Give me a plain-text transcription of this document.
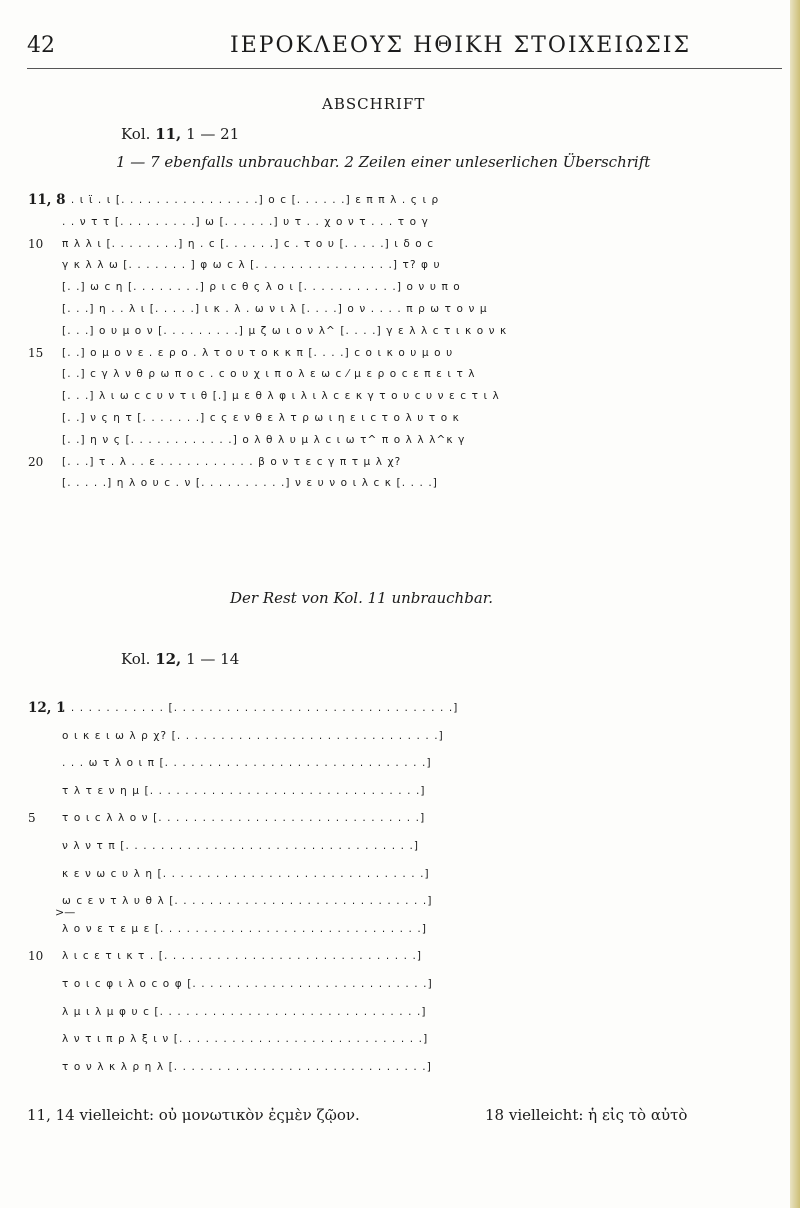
42	ΙΕΡΟΚΛΕΟΥΣ ΗΘΙΚΗ ΣΤΟΙΧΕΙΩΣΙΣ
ABSCHRIFT
Kol. 11, 1 — 21
1 — 7 ebenfalls unbrauchbar. 2 Zeilen einer unleserlichen Überschrift
11, 8
. . ι ϊ . ι [. . . . . . . . . . . . . . . .] ο c [. . . . . .] ε π π λ . ς ι ρ
. . ν τ τ [. . . . . . . . .] ω [. . . . . .] υ τ . . χ ο ν τ . . . τ ο γ
10	π λ λ ι [. . . . . . . .] η . c [. . . . . .] c . τ ο υ [. . . . .] ι δ ο c
γ κ λ λ ω [. . . . . . . ] φ ω c λ [. . . . . . . . . . . . . . . .] τ? φ υ
[. .] ω c η [. . . . . . . .] ρ ι c θ ς λ ο ι [. . . . . . . . . . .] ο ν υ π ο
[. . .] η . . λ ι [. . . . .] ι κ . λ . ω ν ι λ [. . . .] ο ν . . . . π ρ ω τ ο ν μ
[. . .] ο υ μ ο ν [. . . . . . . . .] μ ζ ω ι ο ν λ^ [. . . .] γ ε λ λ c τ ι κ ο ν κ
15	[. .] ο μ ο ν ε . ε ρ ο . λ τ ο υ τ ο κ κ π [. . . .] c ο ι κ ο υ μ ο υ
[. .] c γ λ ν θ ρ ω π ο c . c ο υ χ ι π ο λ ε ω c ⁄ μ ε ρ ο c ε π ε ι τ λ
[. . .] λ ι ω c c υ ν τ ι θ [.] μ ε θ λ φ ι λ ι λ c ε κ γ τ ο υ c υ ν ε c τ ι λ
[. .] ν ς η τ [. . . . . . .] c ς ε ν θ ε λ τ ρ ω ι η ε ι c τ ο λ υ τ ο κ
[. .] η ν ς [. . . . . . . . . . . .] ο λ θ λ υ μ λ c ι ω τ^ π ο λ λ λ^κ γ
20	[. . .] τ . λ . . ε . . . . . . . . . . . β ο ν τ ε c γ π τ μ λ χ?
[. . . . .] η λ ο υ c . ν [. . . . . . . . . .] ν ε υ ν ο ι λ c κ [. . . .]
Der Rest von Kol. 11 unbrauchbar.
Kol. 12, 1 — 14
12, 1
. . . . . . . . . . . . [. . . . . . . . . . . . . . . . . . . . . . . . . . . . . . . .]
ο ι κ ε ι ω λ ρ χ? [. . . . . . . . . . . . . . . . . . . . . . . . . . . . . .]
. . . ω τ λ ο ι π [. . . . . . . . . . . . . . . . . . . . . . . . . . . . . .]
τ λ τ ε ν η μ [. . . . . . . . . . . . . . . . . . . . . . . . . . . . . . .]
5	τ ο ι c λ λ ο ν [. . . . . . . . . . . . . . . . . . . . . . . . . . . . . .]
ν λ ν τ π [. . . . . . . . . . . . . . . . . . . . . . . . . . . . . . . . .]
κ ε ν ω c υ λ η [. . . . . . . . . . . . . . . . . . . . . . . . . . . . . .]
ω c ε ν τ λ υ θ λ [. . . . . . . . . . . . . . . . . . . . . . . . . . . . .]
λ ο ν ε τ ε μ ε [. . . . . . . . . . . . . . . . . . . . . . . . . . . . . .]
10	λ ι c ε τ ι κ τ . [. . . . . . . . . . . . . . . . . . . . . . . . . . . . .]
τ ο ι c φ ι λ ο c ο φ [. . . . . . . . . . . . . . . . . . . . . . . . . . .]
λ μ ι λ μ φ υ c [. . . . . . . . . . . . . . . . . . . . . . . . . . . . . .]
λ ν τ ι π ρ λ ξ ι ν [. . . . . . . . . . . . . . . . . . . . . . . . . . . .]
τ ο ν λ κ λ ρ η λ [. . . . . . . . . . . . . . . . . . . . . . . . . . . . .]
>—
11, 14 vielleicht: οὐ μονωτικὸν ἐςμὲν ζῷον.	18 vielleicht: ἡ εἰς τὸ αὐτὸ
